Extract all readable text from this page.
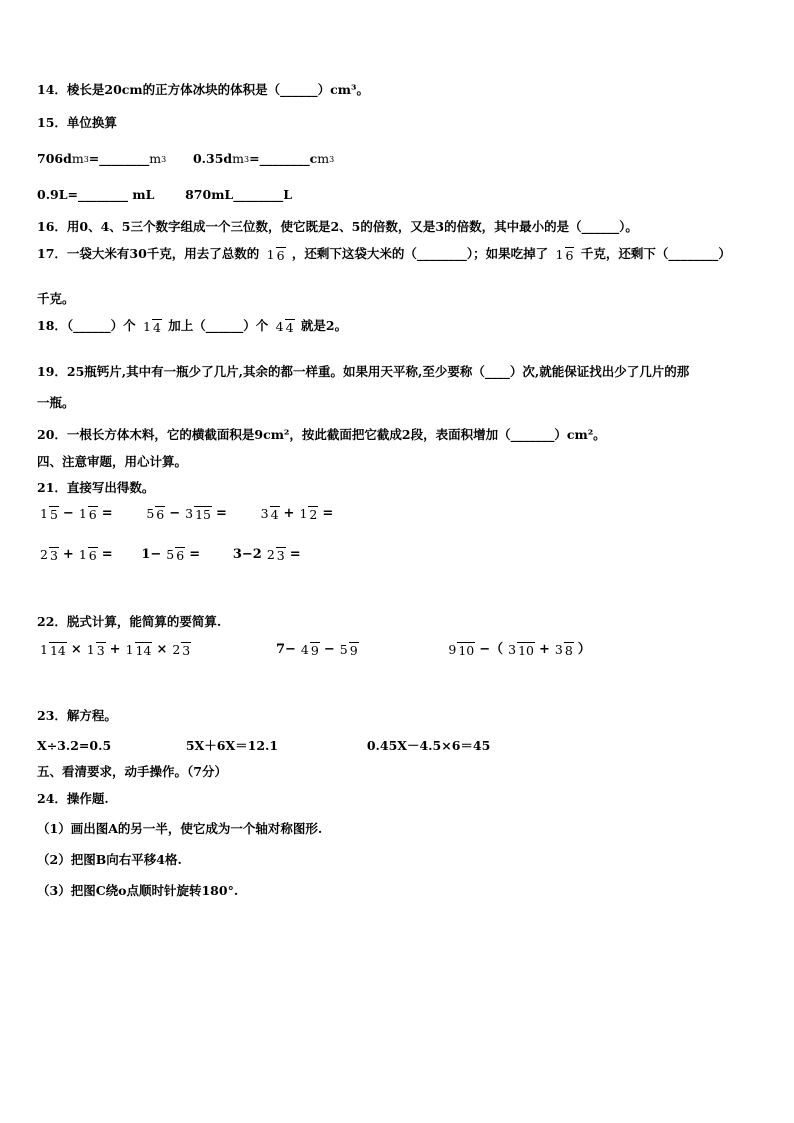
14．棱长是20cm的正方体冰块的体积是（______）cm³。
15．单位换算
706dm3=________m3 0.35dm3=________cm3
0.9L=________ mL 870mL________L
16．用0、4、5三个数字组成一个三位数，使它既是2、5的倍数，又是3的倍数，其中最小的是（______）。
17．一袋大米有30千克，用去了总数的 1 6 ，还剩下这袋大米的（________）；如果吃掉了 1 6 千克，还剩下（________）
千克。
18．（______）个 1 4 加上（______）个 4 4 就是2。
19．25瓶钙片,其中有一瓶少了几片,其余的都一样重。如果用天平称,至少要称（____）次,就能保证找出少了几片的那
一瓶。
20．一根长方体木料，它的横截面积是9cm²，按此截面把它截成2段，表面积增加（_______）cm²。
四、注意审题，用心计算。
21．直接写出得数。
1 5 − 1 6 =	5 6 − 3 15 =	3 4 + 1 2 =
2 3 + 1 6 = 1− 5 6 =	3−2 2 3 =
22．脱式计算，能简算的要简算.
1 14 × 1 3 + 1 14 × 2 3	7− 4 9 − 5 9	9 10 −（ 3 10 + 3 8 ）
23．解方程。
X÷3.2=0.5	5X＋6X＝12.1	0.45X－4.5×6＝45
五、看清要求，动手操作。（7分）
24．操作题.
（1）画出图A的另一半，使它成为一个轴对称图形.
（2）把图B向右平移4格.
（3）把图C绕o点顺时针旋转180°.
